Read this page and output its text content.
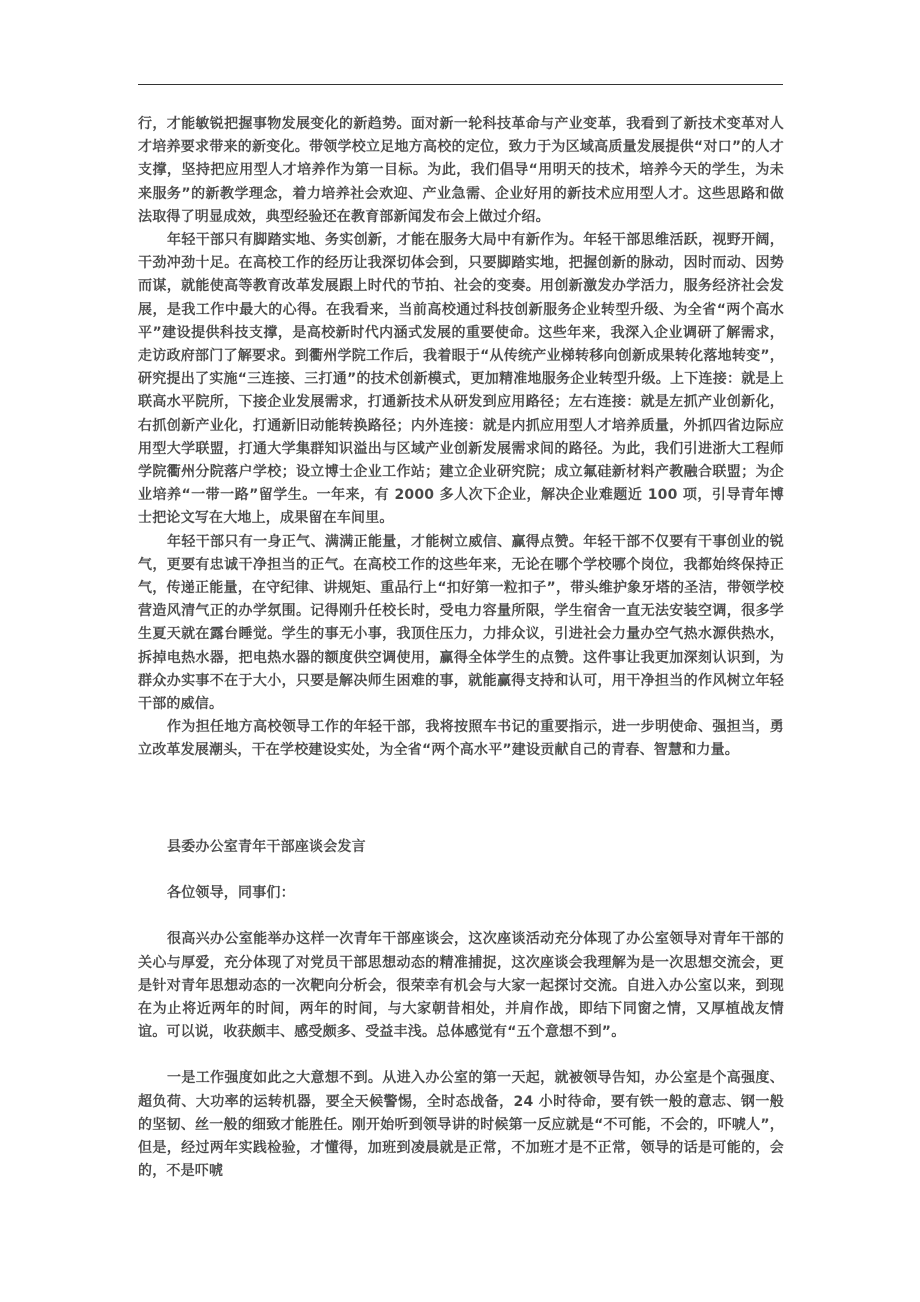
行，才能敏锐把握事物发展变化的新趋势。面对新一轮科技革命与产业变革，我看到了新技术变革对人才培养要求带来的新变化。带领学校立足地方高校的定位，致力于为区域高质量发展提供“对口”的人才支撑，坚持把应用型人才培养作为第一目标。为此，我们倡导“用明天的技术，培养今天的学生，为未来服务”的新教学理念，着力培养社会欢迎、产业急需、企业好用的新技术应用型人才。这些思路和做法取得了明显成效，典型经验还在教育部新闻发布会上做过介绍。

年轻干部只有脚踏实地、务实创新，才能在服务大局中有新作为。年轻干部思维活跃，视野开阔，干劲冲劲十足。在高校工作的经历让我深切体会到，只要脚踏实地，把握创新的脉动，因时而动、因势而谋，就能使高等教育改革发展跟上时代的节拍、社会的变奏。用创新激发办学活力，服务经济社会发展，是我工作中最大的心得。在我看来，当前高校通过科技创新服务企业转型升级、为全省“两个高水平”建设提供科技支撑，是高校新时代内涵式发展的重要使命。这些年来，我深入企业调研了解需求，走访政府部门了解要求。到衢州学院工作后，我着眼于“从传统产业梯转移向创新成果转化落地转变”，研究提出了实施“三连接、三打通”的技术创新模式，更加精准地服务企业转型升级。上下连接：就是上联高水平院所，下接企业发展需求，打通新技术从研发到应用路径；左右连接：就是左抓产业创新化，右抓创新产业化，打通新旧动能转换路径；内外连接：就是内抓应用型人才培养质量，外抓四省边际应用型大学联盟，打通大学集群知识溢出与区域产业创新发展需求间的路径。为此，我们引进浙大工程师学院衢州分院落户学校；设立博士企业工作站；建立企业研究院；成立氟硅新材料产教融合联盟；为企业培养“一带一路”留学生。一年来，有 2000 多人次下企业，解决企业难题近 100 项，引导青年博士把论文写在大地上，成果留在车间里。

年轻干部只有一身正气、满满正能量，才能树立威信、赢得点赞。年轻干部不仅要有干事创业的锐气，更要有忠诚干净担当的正气。在高校工作的这些年来，无论在哪个学校哪个岗位，我都始终保持正气，传递正能量，在守纪律、讲规矩、重品行上“扣好第一粒扣子”，带头维护象牙塔的圣洁，带领学校营造风清气正的办学氛围。记得刚升任校长时，受电力容量所限，学生宿舍一直无法安装空调，很多学生夏天就在露台睡觉。学生的事无小事，我顶住压力，力排众议，引进社会力量办空气热水源供热水，拆掉电热水器，把电热水器的额度供空调使用，赢得全体学生的点赞。这件事让我更加深刻认识到，为群众办实事不在于大小，只要是解决师生困难的事，就能赢得支持和认可，用干净担当的作风树立年轻干部的威信。

作为担任地方高校领导工作的年轻干部，我将按照车书记的重要指示，进一步明使命、强担当，勇立改革发展潮头，干在学校建设实处，为全省“两个高水平”建设贡献自己的青春、智慧和力量。

县委办公室青年干部座谈会发言

各位领导，同事们：

很高兴办公室能举办这样一次青年干部座谈会，这次座谈活动充分体现了办公室领导对青年干部的关心与厚爱，充分体现了对党员干部思想动态的精准捕捉，这次座谈会我理解为是一次思想交流会，更是针对青年思想动态的一次靶向分析会，很荣幸有机会与大家一起探讨交流。自进入办公室以来，到现在为止将近两年的时间，两年的时间，与大家朝昔相处，并肩作战，即结下同窗之情，又厚植战友情谊。可以说，收获颇丰、感受颇多、受益丰浅。总体感觉有“五个意想不到”。

一是工作强度如此之大意想不到。从进入办公室的第一天起，就被领导告知，办公室是个高强度、超负荷、大功率的运转机器，要全天候警惕，全时态战备，24 小时待命，要有铁一般的意志、钢一般的坚韧、丝一般的细致才能胜任。刚开始听到领导讲的时候第一反应就是“不可能，不会的，吓唬人”，但是，经过两年实践检验，才懂得，加班到凌晨就是正常，不加班才是不正常，领导的话是可能的，会的，不是吓唬
